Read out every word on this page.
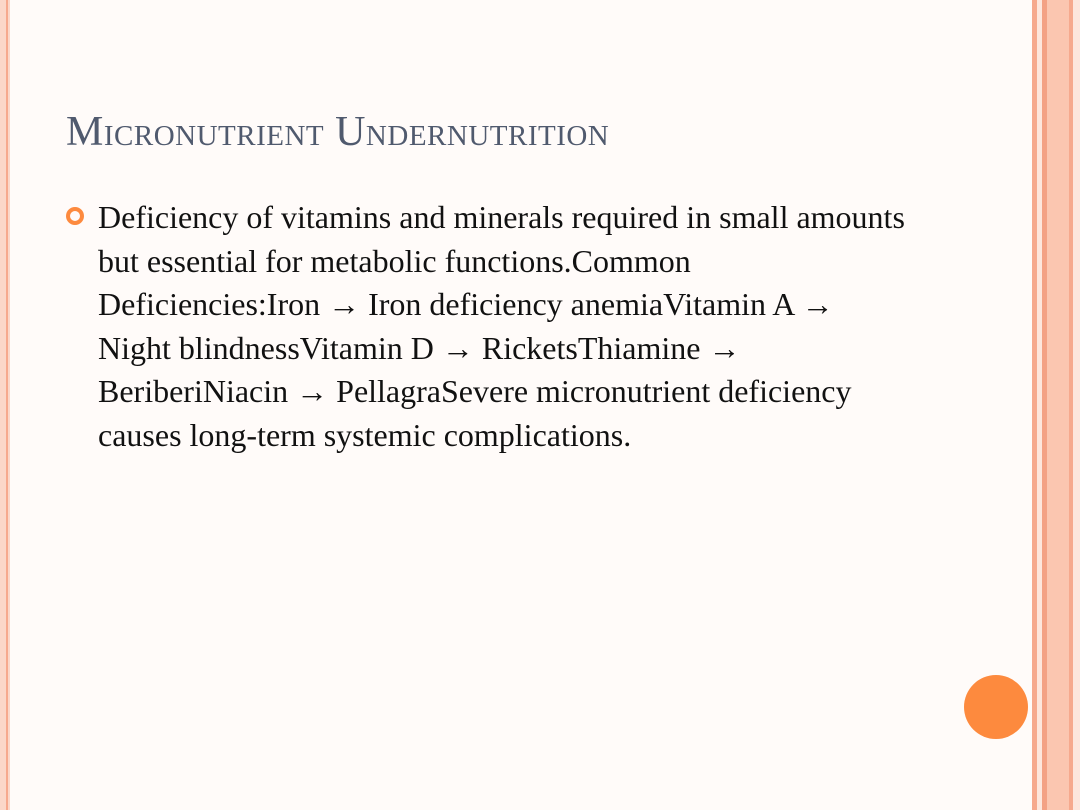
Micronutrient Undernutrition

Deficiency of vitamins and minerals required in small amounts but essential for metabolic functions.Common Deficiencies:Iron → Iron deficiency anemiaVitamin A → Night blindnessVitamin D → RicketsThiamine → BeriberiNiacin → PellagraSevere micronutrient deficiency causes long-term systemic complications.
